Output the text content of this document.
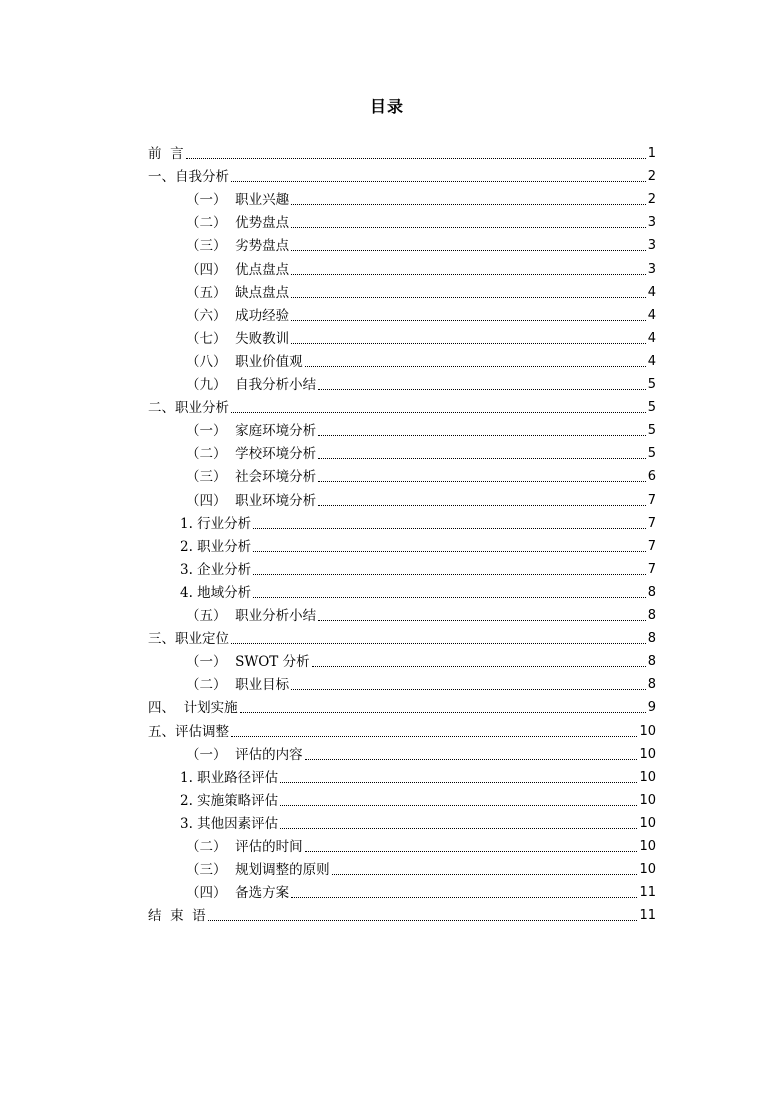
目录
前  言	1
一、自我分析	2
（一）  职业兴趣	2
（二）  优势盘点	3
（三）  劣势盘点	3
（四）  优点盘点	3
（五）  缺点盘点	4
（六）  成功经验	4
（七）  失败教训	4
（八）  职业价值观	4
（九）  自我分析小结	5
二、职业分析	5
（一）  家庭环境分析	5
（二）  学校环境分析	5
（三）  社会环境分析	6
（四）  职业环境分析	7
1. 行业分析	7
2. 职业分析	7
3. 企业分析	7
4. 地域分析	8
（五）  职业分析小结	8
三、职业定位	8
（一）  SWOT 分析	8
（二）  职业目标	8
四、  计划实施	9
五、评估调整	10
（一）  评估的内容	10
1. 职业路径评估	10
2. 实施策略评估	10
3. 其他因素评估	10
（二）  评估的时间	10
（三）  规划调整的原则	10
（四）  备选方案	11
结  束  语	11
